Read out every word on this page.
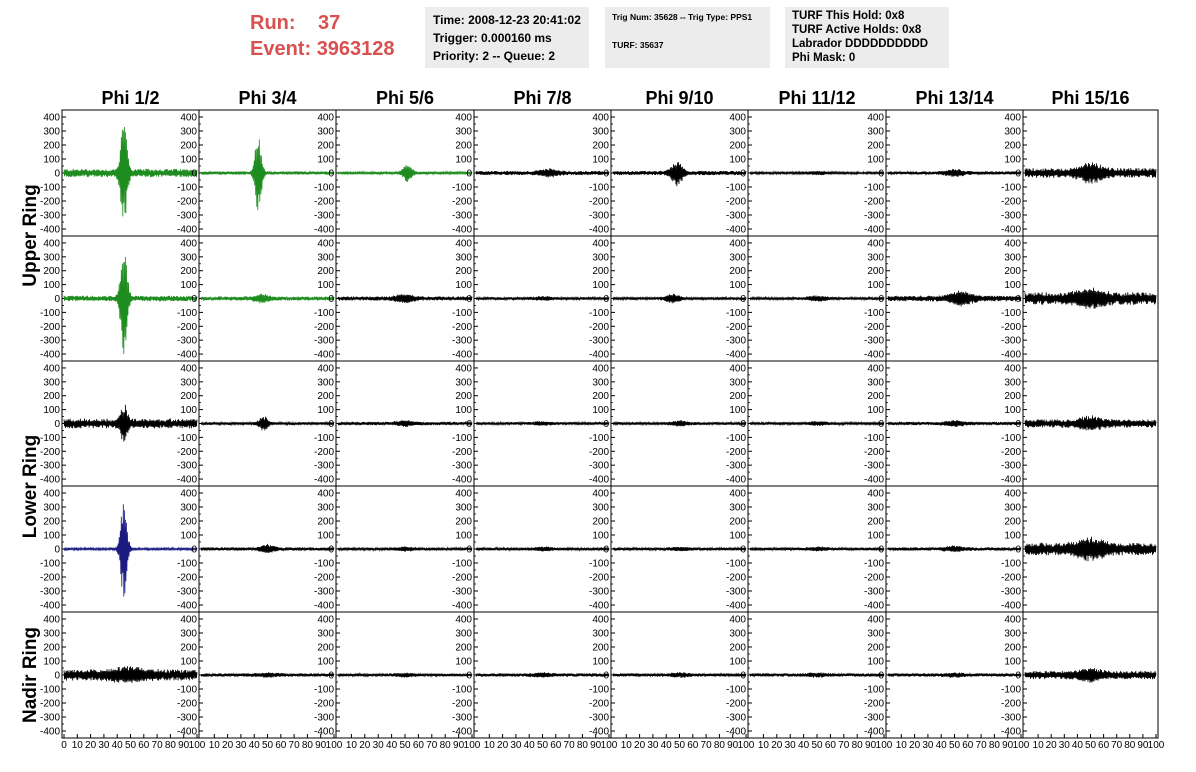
Run: 37
Event: 3963128
Time: 2008-12-23 20:41:02
Trigger: 0.000160 ms
Priority: 2 -- Queue: 2
Trig Num: 35628 -- Trig Type: PPS1
TURF: 35637
TURF This Hold: 0x8
TURF Active Holds: 0x8
Labrador DDDDDDDDDD
Phi Mask: 0
Phi 1/2	Phi 3/4	Phi 5/6	Phi 7/8	Phi 9/10	Phi 11/12	Phi 13/14	Phi 15/16
Upper Ring
Lower Ring
Nadir Ring
-400
-300
-200
-100
0
100
200
300
400
-400
-300
-200
-100
0
100
200
300
400
-400
-300
-200
-100
0
100
200
300
400
-400
-300
-200
-100
0
100
200
300
400
-400
-300
-200
-100
0
100
200
300
400
-400
-300
-200
-100
0
100
200
300
400
-400
-300
-200
-100
0
100
200
300
400
-400
-300
-200
-100
0
100
200
300
400
-400
-300
-200
-100
0
100
200
300
400
-400
-300
-200
-100
0
100
200
300
400
-400
-300
-200
-100
0
100
200
300
400
-400
-300
-200
-100
0
100
200
300
400
-400
-300
-200
-100
0
100
200
300
400
-400
-300
-200
-100
0
100
200
300
400
-400
-300
-200
-100
0
100
200
300
400
-400
-300
-200
-100
0
100
200
300
400
-400
-300
-200
-100
0
100
200
300
400
-400
-300
-200
-100
0
100
200
300
400
-400
-300
-200
-100
0
100
200
300
400
-400
-300
-200
-100
0
100
200
300
400
-400
-300
-200
-100
0
100
200
300
400
-400
-300
-200
-100
0
100
200
300
400
-400
-300
-200
-100
0
100
200
300
400
-400
-300
-200
-100
0
100
200
300
400
-400
-300
-200
-100
0
100
200
300
400
-400
-300
-200
-100
0
100
200
300
400
-400
-300
-200
-100
0
100
200
300
400
-400
-300
-200
-100
0
100
200
300
400
-400
-300
-200
-100
0
100
200
300
400
-400
-300
-200
-100
0
100
200
300
400
-400
-300
-200
-100
0
100
200
300
400
-400
-300
-200
-100
0
100
200
300
400
-400
-300
-200
-100
0
100
200
300
400
-400
-300
-200
-100
0
100
200
300
400
-400
-300
-200
-100
0
100
200
300
400
-400
-300
-200
-100
0
100
200
300
400
-400
-300
-200
-100
0
100
200
300
400
-400
-300
-200
-100
0
100
200
300
400
-400
-300
-200
-100
0
100
200
300
400
-400
-300
-200
-100
0
100
200
300
400
0 10 20 30 40 50 60 70 80 90 100 10 20 30 40 50 60 70 80 90 100 10 20 30 40 50 60 70 80 90 100 10 20 30 40 50 60 70 80 90 100 10 20 30 40 50 60 70 80 90 100 10 20 30 40 50 60 70 80 90 100 10 20 30 40 50 60 70 80 90 100 10 20 30 40 50 60 70 80 90 100
